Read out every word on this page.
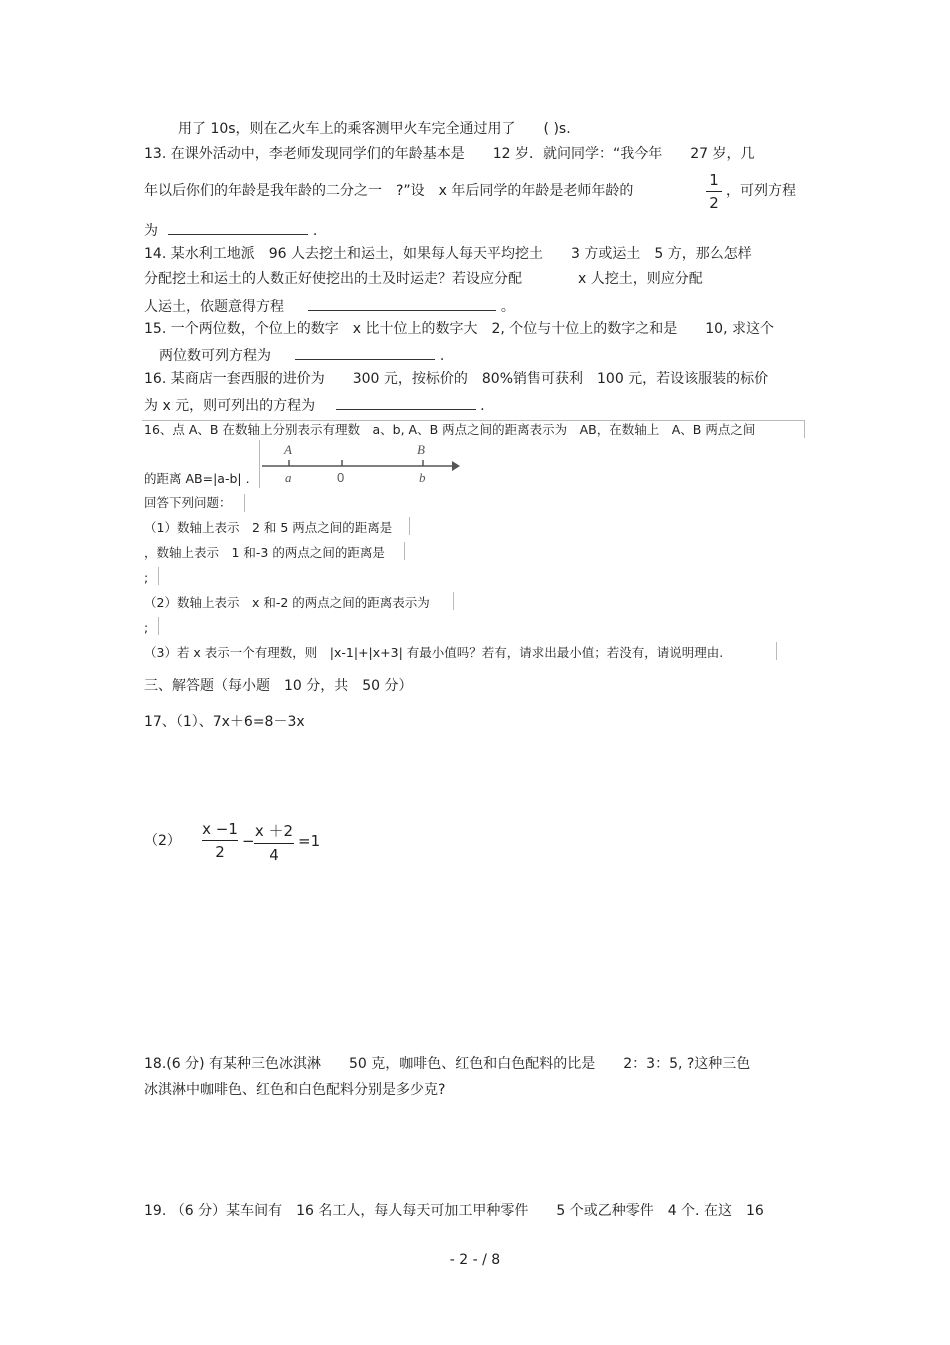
用了 10s，则在乙火车上的乘客测甲火车完全通过用了　　( )s.
13. 在课外活动中，李老师发现同学们的年龄基本是　　12 岁．就问同学：“我今年　　27 岁，几
年以后你们的年龄是我年龄的二分之一　?”设　x 年后同学的年龄是老师年龄的
1
2
，可列方程
为	.
14. 某水利工地派　96 人去挖土和运土，如果每人每天平均挖土　　3 方或运土　5 方，那么怎样
分配挖土和运土的人数正好使挖出的土及时运走？若设应分配　　　　x 人挖土，则应分配
人运土，依题意得方程	。
15. 一个两位数，个位上的数字　x 比十位上的数字大　2, 个位与十位上的数字之和是　　10, 求这个
两位数可列方程为	.
16. 某商店一套西服的进价为　　300 元，按标价的　80%销售可获利　100 元，若设该服装的标价
为 x 元，则可列出的方程为	.
16、点 A、B 在数轴上分别表示有理数　a、b, A、B 两点之间的距离表示为　AB，在数轴上　A、B 两点之间
A	B
a	0	b
的距离 AB=|a-b| .
回答下列问题：
（1）数轴上表示　2 和 5 两点之间的距离是
，数轴上表示　1 和-3 的两点之间的距离是
;
（2）数轴上表示　x 和-2 的两点之间的距离表示为
;
（3）若 x 表示一个有理数，则　|x-1|+|x+3| 有最小值吗？若有，请求出最小值；若没有，请说明理由.
三、解答题（每小题　10 分，共　50 分）
17、（1）、7x＋6=8－3x
（2）
x −1
2
−
x ＋2
4
=1
18.(6 分) 有某种三色冰淇淋　　50 克，咖啡色、红色和白色配料的比是　　2：3：5, ?这种三色
冰淇淋中咖啡色、红色和白色配料分别是多少克?
19. （6 分）某车间有　16 名工人，每人每天可加工甲种零件　　5 个或乙种零件　4 个. 在这　16
- 2 - / 8
